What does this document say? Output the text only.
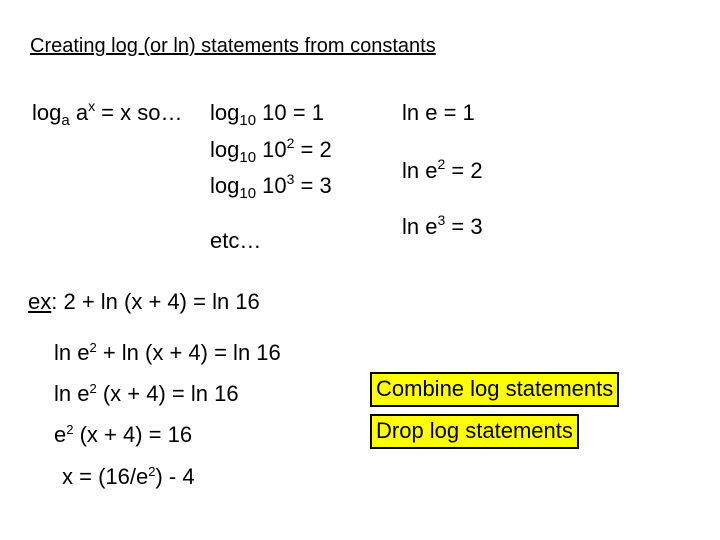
Creating log (or ln) statements from constants
$\log_a a^x = x$ so… $\log_{10} 10 = 1$
$\log_{10} 10^2 = 2$
$\log_{10} 10^3 = 3$
etc…
ln e = 1
$\ln e^2 = 2$
$\ln e^3 = 3$
ex: 2 + ln (x + 4) = ln 16
$\ln e^2 + \ln (x + 4) = \ln 16$
$\ln e^2$ (x + 4) = ln 16
$e^2$ (x + 4) = 16
$x = (16/e^2) - 4$
Combine log statements
Drop log statements
